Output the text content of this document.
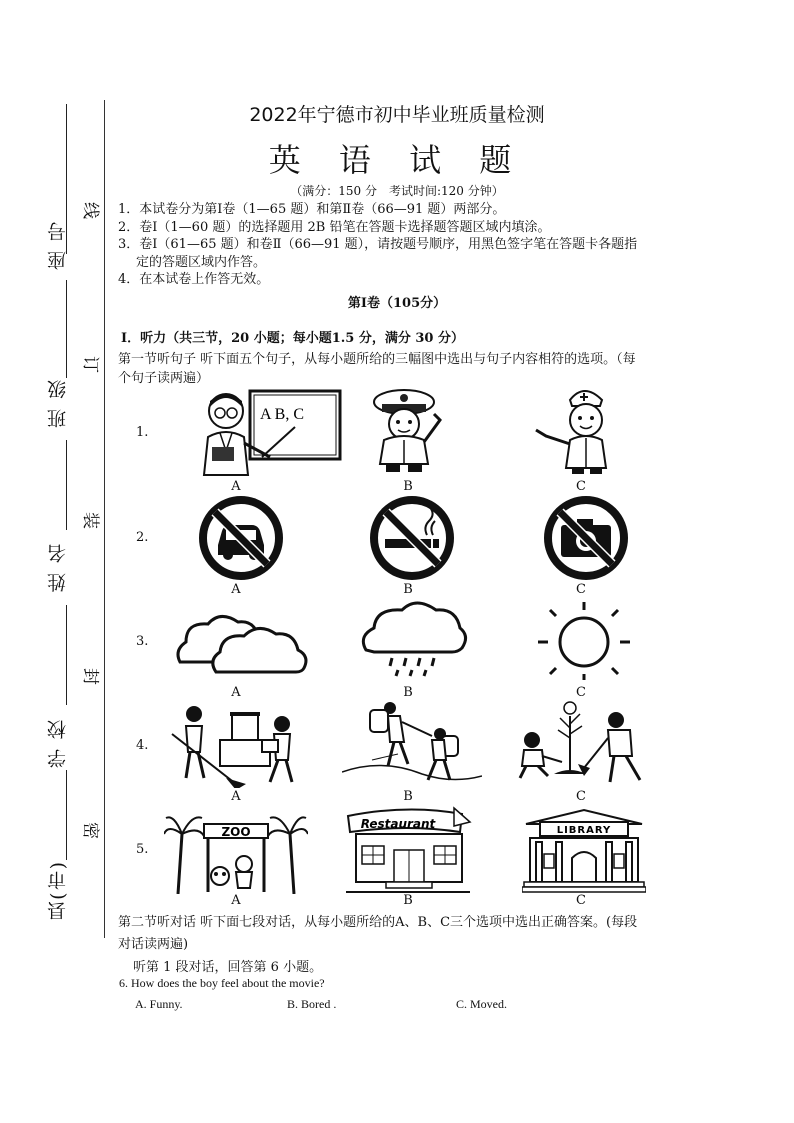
座号
班级
姓名
学校
县(市)
线
订
装
封
密
2022年宁德市初中毕业班质量检测
英 语 试 题
（满分：150 分　考试时间:120 分钟）
1．本试卷分为第Ⅰ卷（1—65 题）和第Ⅱ卷（66—91 题）两部分。
2．卷Ⅰ（1—60 题）的选择题用 2B 铅笔在答题卡选择题答题区域内填涂。
3．卷Ⅰ（61—65 题）和卷Ⅱ（66—91 题），请按题号顺序，用黑色签字笔在答题卡各题指
定的答题区域内作答。
4．在本试卷上作答无效。
第Ⅰ卷（105分）
Ⅰ．听力（共三节，20 小题；每小题1.5 分，满分 30 分）
第一节听句子 听下面五个句子，从每小题所给的三幅图中选出与句子内容相符的选项。（每
个句子读两遍）
1.
A B, C
A	B	C
2.
A	B	C
3.
A	B	C
4.
A	B	C
5.
ZOO
Restaurant	LIBRARY
A	B	C
第二节听对话 听下面七段对话，从每小题所给的A、B、C三个选项中选出正确答案。(每段
对话读两遍)
听第 1 段对话，回答第 6 小题。
6. How does the boy feel about the movie?
A. Funny.	B. Bored .	C. Moved.
